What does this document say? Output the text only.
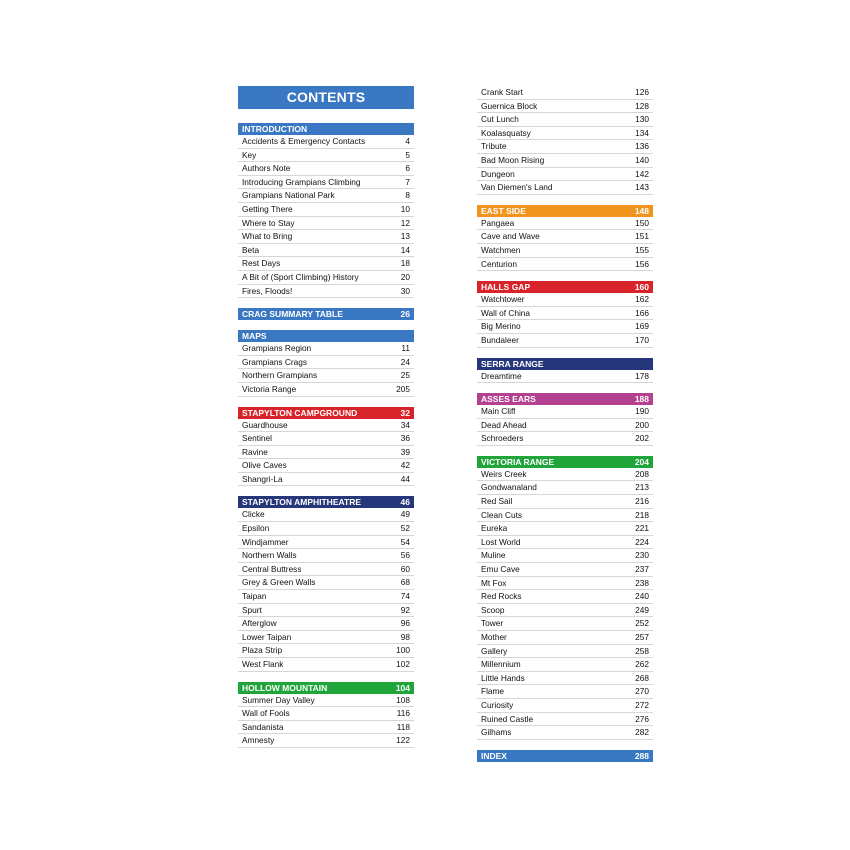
CONTENTS
INTRODUCTION
Accidents & Emergency Contacts	4
Key	5
Authors Note	6
Introducing Grampians Climbing	7
Grampians National Park	8
Getting There	10
Where to Stay	12
What to Bring	13
Beta	14
Rest Days	18
A Bit of (Sport Climbing) History	20
Fires, Floods!	30
CRAG SUMMARY TABLE	26
MAPS
Grampians Region	11
Grampians Crags	24
Northern Grampians	25
Victoria Range	205
STAPYLTON CAMPGROUND	32
Guardhouse	34
Sentinel	36
Ravine	39
Olive Caves	42
Shangri-La	44
STAPYLTON AMPHITHEATRE	46
Clicke	49
Epsilon	52
Windjammer	54
Northern Walls	56
Central Buttress	60
Grey & Green Walls	68
Taipan	74
Spurt	92
Afterglow	96
Lower Taipan	98
Plaza Strip	100
West Flank	102
HOLLOW MOUNTAIN	104
Summer Day Valley	108
Wall of Fools	116
Sandanista	118
Amnesty	122
Crank Start	126
Guernica Block	128
Cut Lunch	130
Koalasquatsy	134
Tribute	136
Bad Moon Rising	140
Dungeon	142
Van Diemen's Land	143
EAST SIDE	148
Pangaea	150
Cave and Wave	151
Watchmen	155
Centurion	156
HALLS GAP	160
Watchtower	162
Wall of China	166
Big Merino	169
Bundaleer	170
SERRA RANGE
Dreamtime	178
ASSES EARS	188
Main Cliff	190
Dead Ahead	200
Schroeders	202
VICTORIA RANGE	204
Weirs Creek	208
Gondwanaland	213
Red Sail	216
Clean Cuts	218
Eureka	221
Lost World	224
Muline	230
Emu Cave	237
Mt Fox	238
Red Rocks	240
Scoop	249
Tower	252
Mother	257
Gallery	258
Millennium	262
Little Hands	268
Flame	270
Curiosity	272
Ruined Castle	276
Gilhams	282
INDEX	288
